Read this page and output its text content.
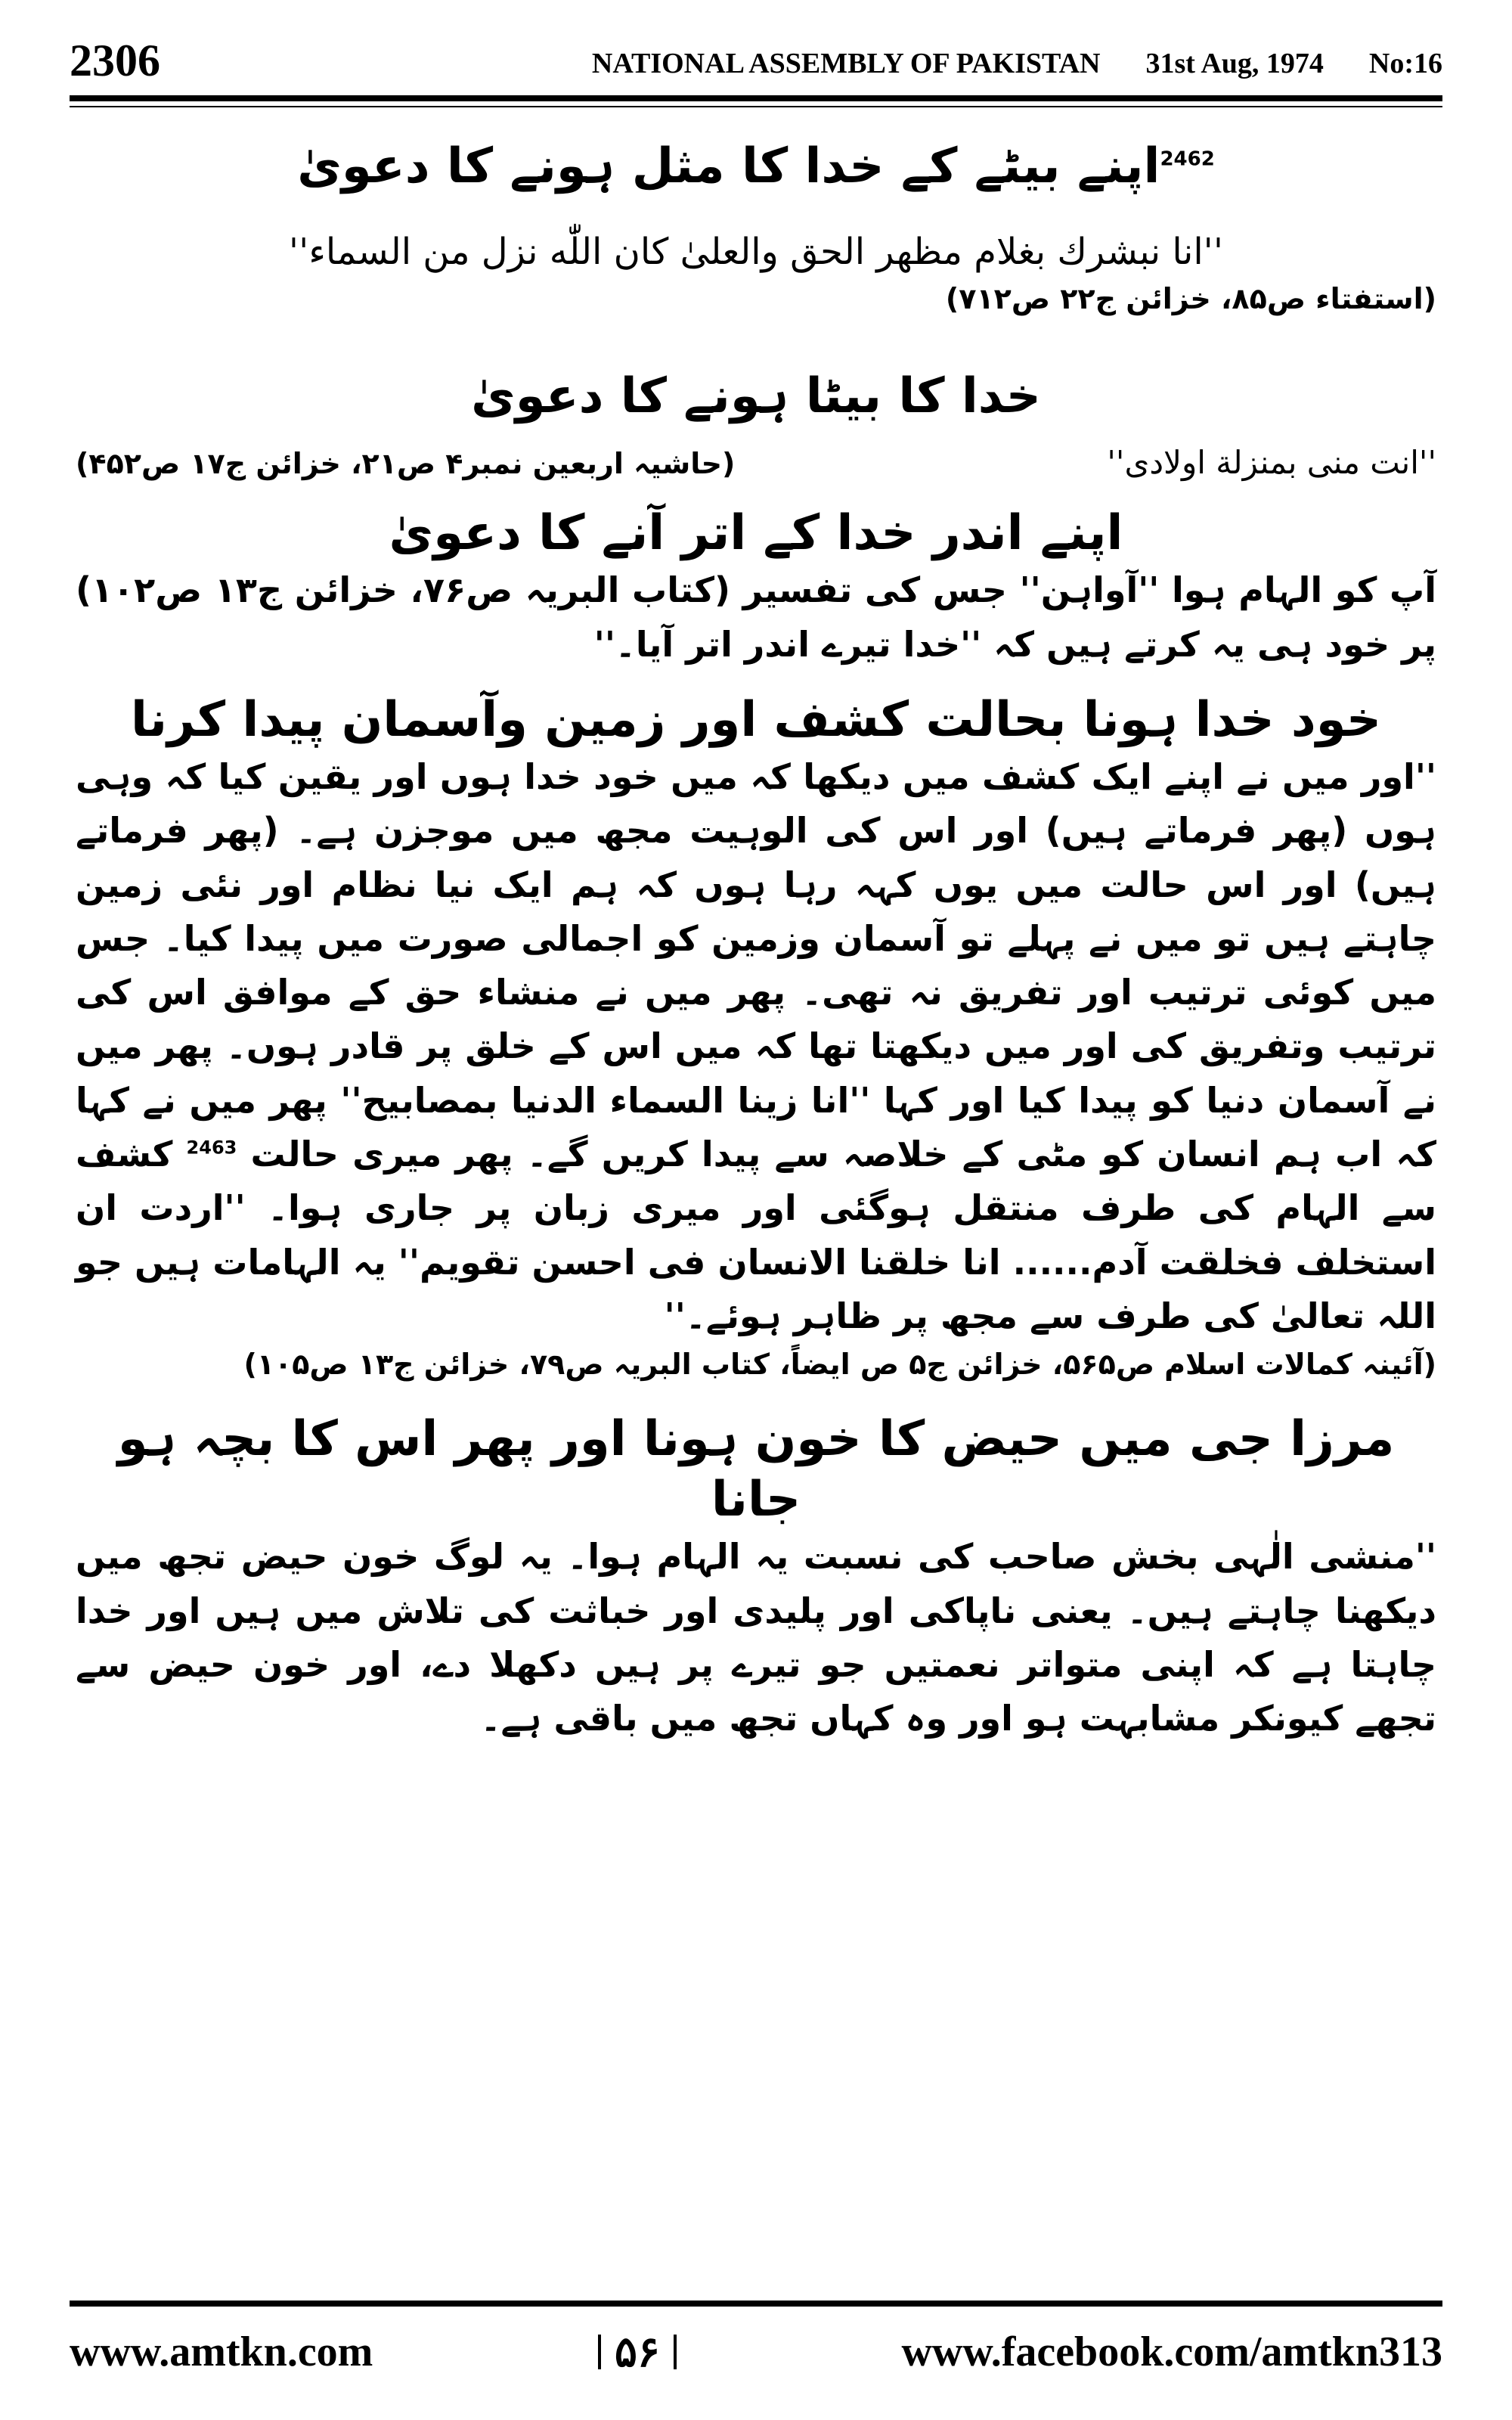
2306	NATIONAL ASSEMBLY OF PAKISTAN 31st Aug, 1974 No:16
$^{2462}$اپنے بیٹے کے خدا کا مثل ہونے کا دعویٰ

''انا نبشرك بغلام مظهر الحق والعلیٰ كان اللّٰه نزل من السماء''

(استفتاء ص۸۵، خزائن ج۲۲ ص۷۱۲)

خدا کا بیٹا ہونے کا دعویٰ
''انت منی بمنزلة اولادی''
(حاشیہ اربعین نمبر۴ ص۲۱، خزائن ج۱۷ ص۴۵۲)
اپنے اندر خدا کے اتر آنے کا دعویٰ

آپ کو الہام ہوا ''آواہن'' جس کی تفسیر (کتاب البریہ ص۷۶، خزائن ج۱۳ ص۱۰۲) پر خود ہی یہ کرتے ہیں کہ ''خدا تیرے اندر اتر آیا۔''

خود خدا ہونا بحالت کشف اور زمین وآسمان پیدا کرنا

''اور میں نے اپنے ایک کشف میں دیکھا کہ میں خود خدا ہوں اور یقین کیا کہ وہی ہوں (پھر فرماتے ہیں) اور اس کی الوہیت مجھ میں موجزن ہے۔ (پھر فرماتے ہیں) اور اس حالت میں یوں کہہ رہا ہوں کہ ہم ایک نیا نظام اور نئی زمین چاہتے ہیں تو میں نے پہلے تو آسمان وزمین کو اجمالی صورت میں پیدا کیا۔ جس میں کوئی ترتیب اور تفریق نہ تھی۔ پھر میں نے منشاء حق کے موافق اس کی ترتیب وتفریق کی اور میں دیکھتا تھا کہ میں اس کے خلق پر قادر ہوں۔ پھر میں نے آسمان دنیا کو پیدا کیا اور کہا ''انا زینا السماء الدنیا بمصابیح'' پھر میں نے کہا کہ اب ہم انسان کو مٹی کے خلاصہ سے پیدا کریں گے۔ پھر میری حالت $^{2463}$ کشف سے الہام کی طرف منتقل ہوگئی اور میری زبان پر جاری ہوا۔ ''اردت ان استخلف فخلقت آدم...... انا خلقنا الانسان فی احسن تقویم'' یہ الہامات ہیں جو اللہ تعالیٰ کی طرف سے مجھ پر ظاہر ہوئے۔''

(آئینہ کمالات اسلام ص۵۶۵، خزائن ج۵ ص ایضاً، کتاب البریہ ص۷۹، خزائن ج۱۳ ص۱۰۵)

مرزا جی میں حیض کا خون ہونا اور پھر اس کا بچہ ہو جانا

''منشی الٰہی بخش صاحب کی نسبت یہ الہام ہوا۔ یہ لوگ خون حیض تجھ میں دیکھنا چاہتے ہیں۔ یعنی ناپاکی اور پلیدی اور خباثت کی تلاش میں ہیں اور خدا چاہتا ہے کہ اپنی متواتر نعمتیں جو تیرے پر ہیں دکھلا دے، اور خون حیض سے تجھے کیونکر مشابہت ہو اور وہ کہاں تجھ میں باقی ہے۔

www.amtkn.com	۵۶	www.facebook.com/amtkn313
